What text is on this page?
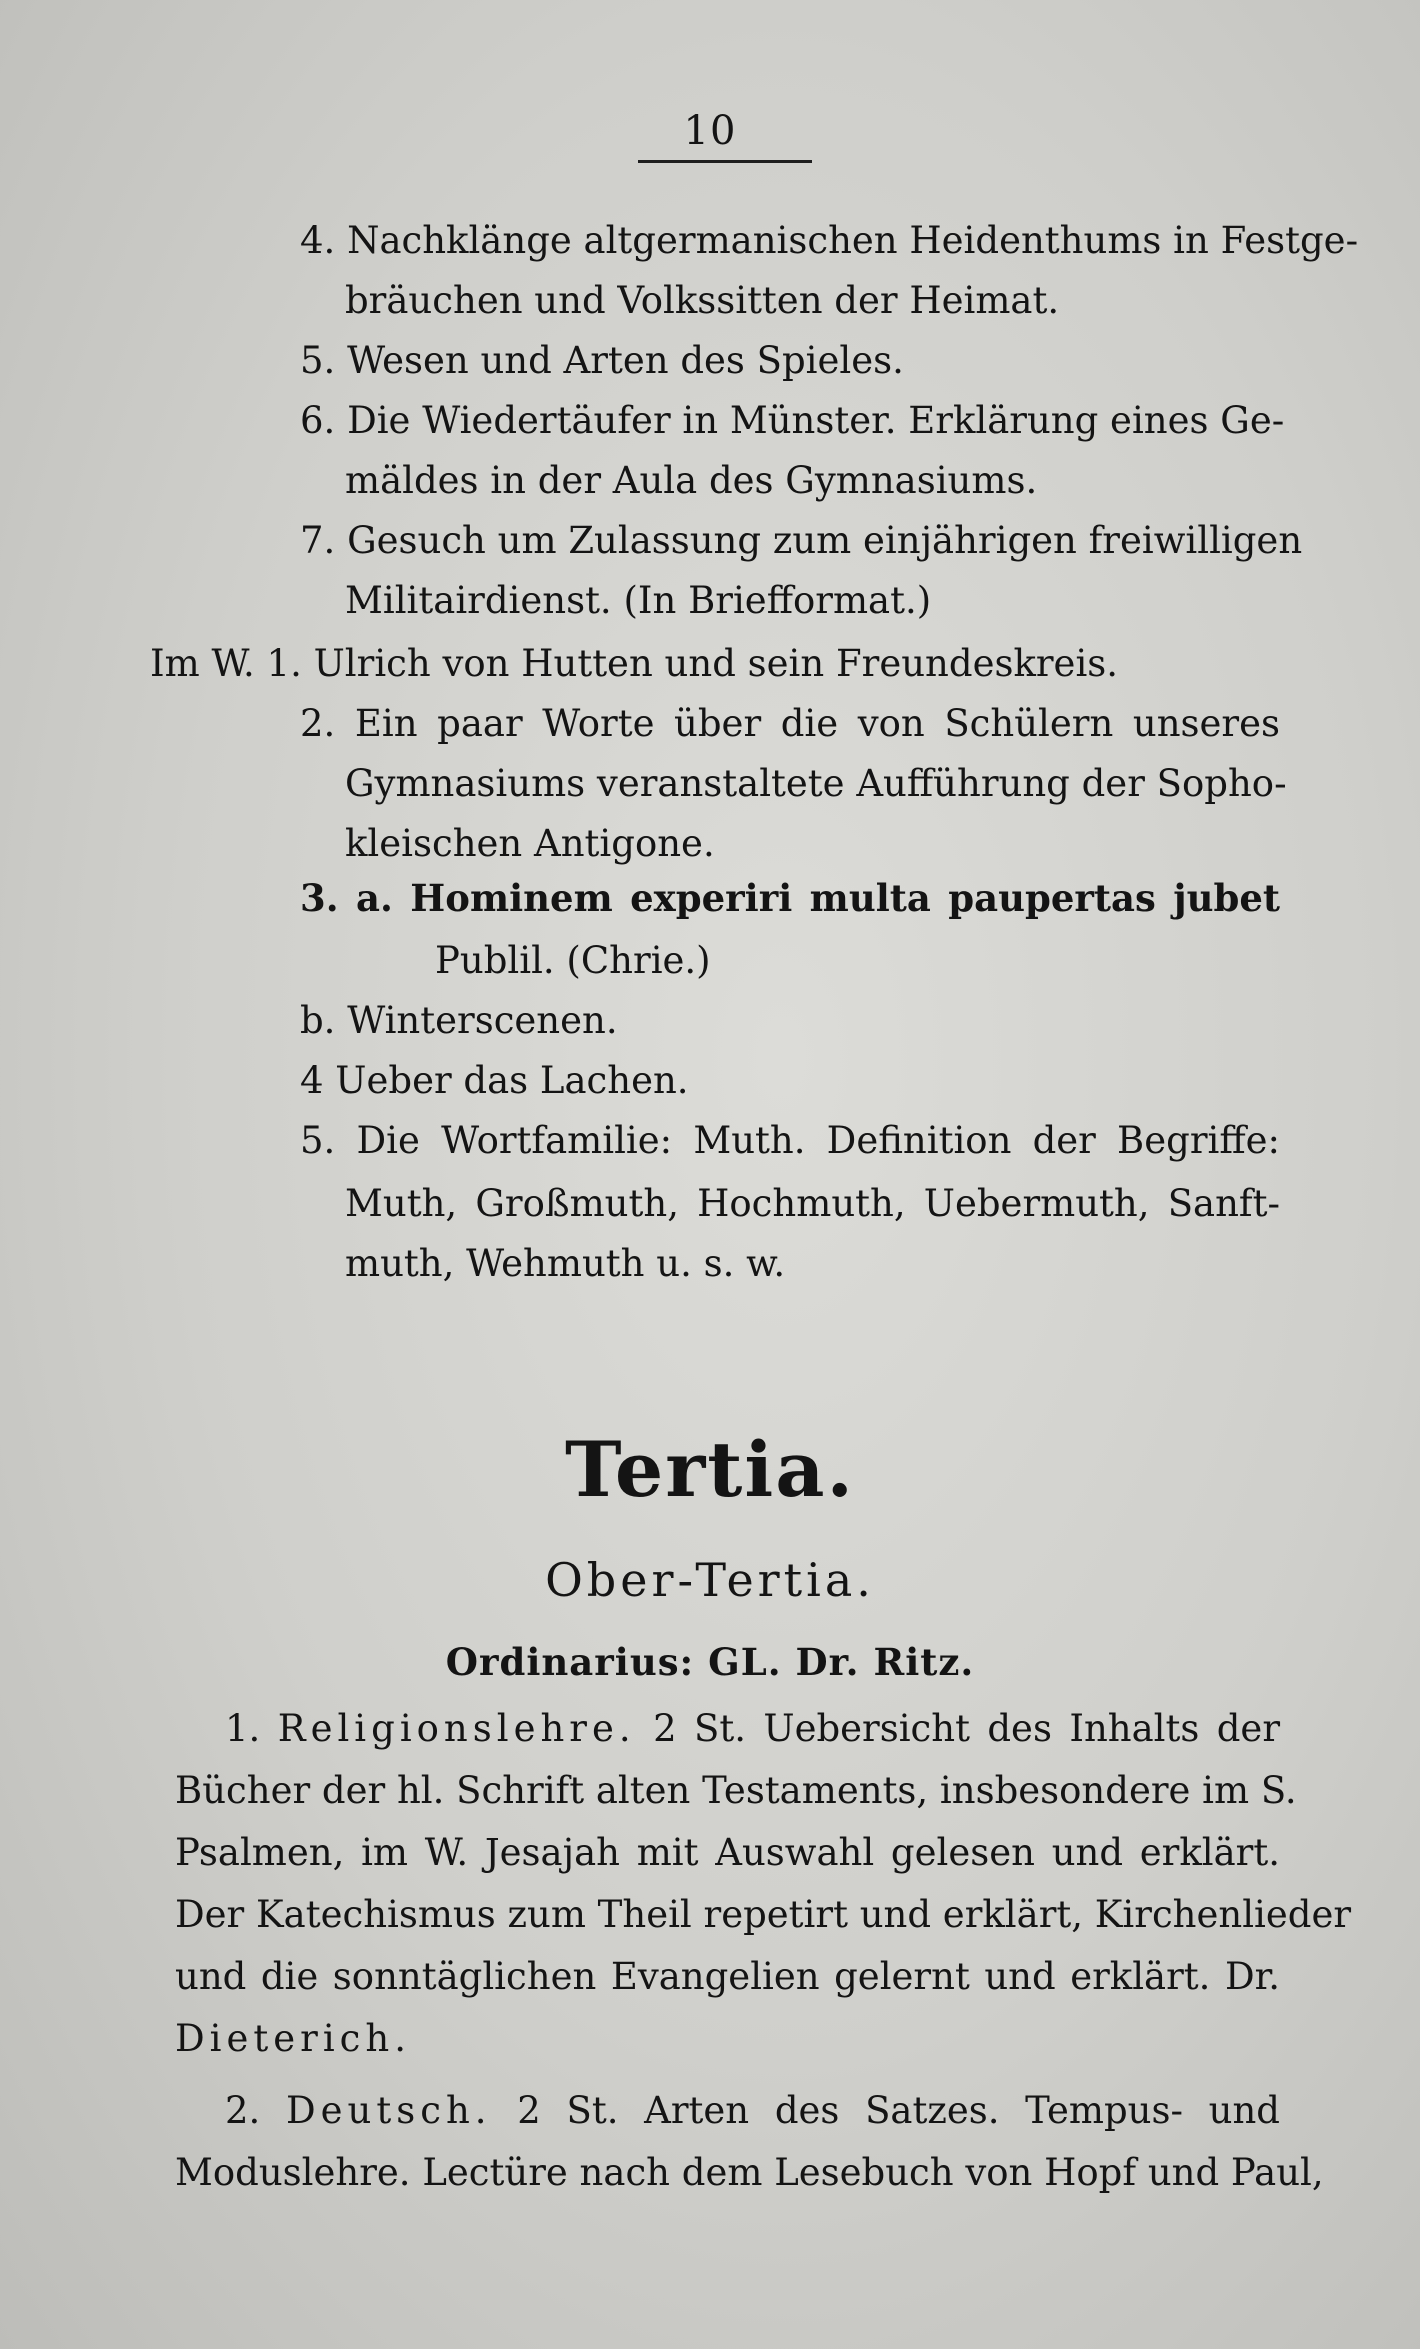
10
4. Nachklänge altgermanischen Heidenthums in Festge-
bräuchen und Volkssitten der Heimat.
5. Wesen und Arten des Spieles.
6. Die Wiedertäufer in Münster. Erklärung eines Ge-
mäldes in der Aula des Gymnasiums.
7. Gesuch um Zulassung zum einjährigen freiwilligen
Militairdienst. (In Briefformat.)
Im W. 1. Ulrich von Hutten und sein Freundeskreis.
2. Ein paar Worte über die von Schülern unseres
Gymnasiums veranstaltete Aufführung der Sopho-
kleischen Antigone.
3. a. Hominem experiri multa paupertas jubet
Publil. (Chrie.)
b. Winterscenen.
4 Ueber das Lachen.
5. Die Wortfamilie: Muth. Definition der Begriffe:
Muth, Großmuth, Hochmuth, Uebermuth, Sanft-
muth, Wehmuth u. s. w.
Tertia.
Ober-Tertia.
Ordinarius: GL. Dr. Ritz.
1. Religionslehre. 2 St. Uebersicht des Inhalts der
Bücher der hl. Schrift alten Testaments, insbesondere im S.
Psalmen, im W. Jesajah mit Auswahl gelesen und erklärt.
Der Katechismus zum Theil repetirt und erklärt, Kirchenlieder
und die sonntäglichen Evangelien gelernt und erklärt. Dr.
Dieterich.
2. Deutsch. 2 St. Arten des Satzes. Tempus- und
Moduslehre. Lectüre nach dem Lesebuch von Hopf und Paul,
